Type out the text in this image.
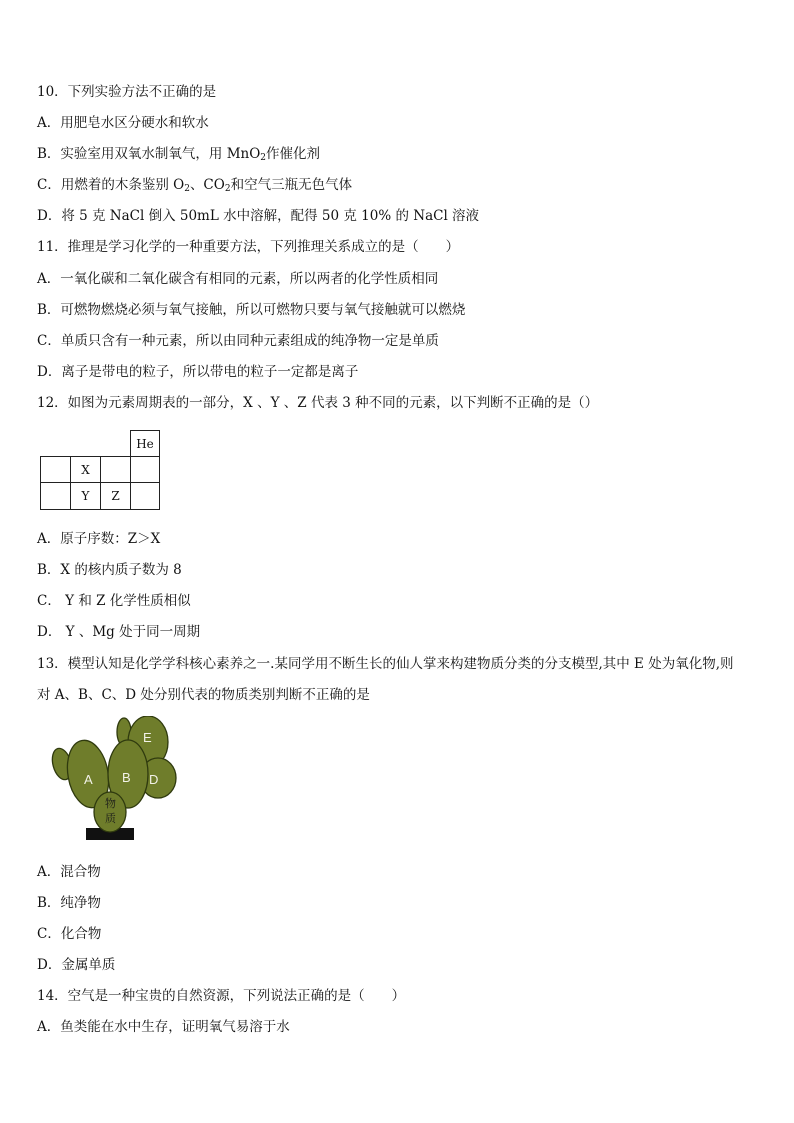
10．下列实验方法不正确的是
A．用肥皂水区分硬水和软水
B．实验室用双氧水制氧气，用 MnO$_2$作催化剂
C．用燃着的木条鉴别 $O_2$、$CO_2$和空气三瓶无色气体
D．将 5 克 NaCl 倒入 50mL 水中溶解，配得 50 克 10% 的 NaCl 溶液
11．推理是学习化学的一种重要方法，下列推理关系成立的是（　　）
A．一氧化碳和二氧化碳含有相同的元素，所以两者的化学性质相同
B．可燃物燃烧必须与氧气接触，所以可燃物只要与氧气接触就可以燃烧
C．单质只含有一种元素，所以由同种元素组成的纯净物一定是单质
D．离子是带电的粒子，所以带电的粒子一定都是离子
12．如图为元素周期表的一部分，X 、Y 、Z 代表 3 种不同的元素，以下判断不正确的是（）
He
X
Y	Z
A．原子序数：Z＞X
B．X 的核内质子数为 8
C． Y 和 Z 化学性质相似
D． Y 、Mg 处于同一周期
13．模型认知是化学学科核心素养之一.某同学用不断生长的仙人掌来构建物质分类的分支模型,其中 E 处为氧化物,则
对 A、B、C、D 处分别代表的物质类别判断不正确的是
A B D
E
物
质
A．混合物
B．纯净物
C．化合物
D．金属单质
14．空气是一种宝贵的自然资源，下列说法正确的是（　　）
A．鱼类能在水中生存，证明氧气易溶于水
